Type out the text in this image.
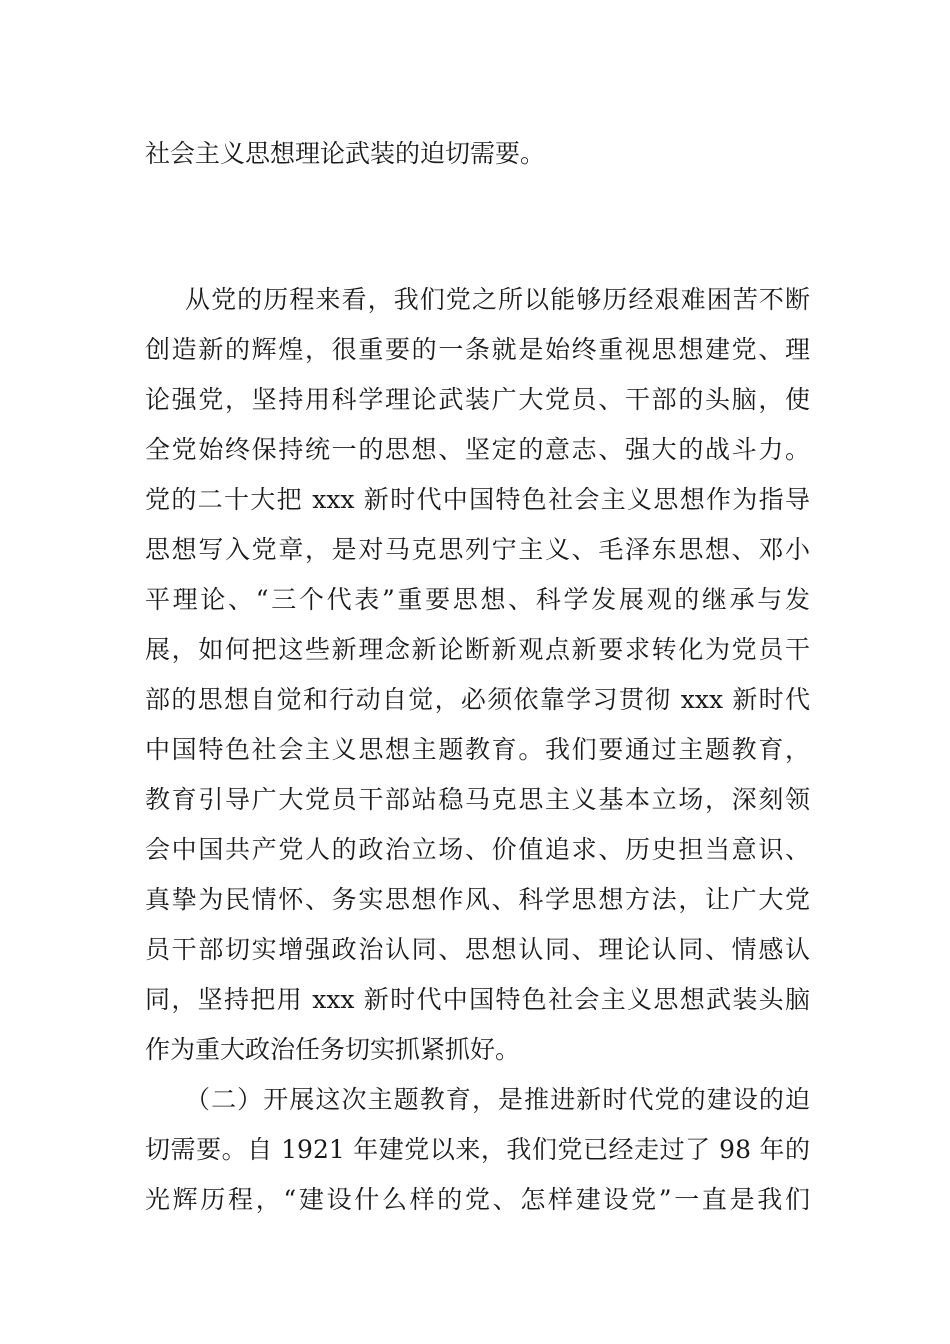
社会主义思想理论武装的迫切需要。
从党的历程来看，我们党之所以能够历经艰难困苦不断
创造新的辉煌，很重要的一条就是始终重视思想建党、理
论强党，坚持用科学理论武装广大党员、干部的头脑，使
全党始终保持统一的思想、坚定的意志、强大的战斗力。
党的二十大把 xxx 新时代中国特色社会主义思想作为指导
思想写入党章，是对马克思列宁主义、毛泽东思想、邓小
平理论、“三个代表”重要思想、科学发展观的继承与发
展，如何把这些新理念新论断新观点新要求转化为党员干
部的思想自觉和行动自觉，必须依靠学习贯彻 xxx 新时代
中国特色社会主义思想主题教育。我们要通过主题教育，
教育引导广大党员干部站稳马克思主义基本立场，深刻领
会中国共产党人的政治立场、价值追求、历史担当意识、
真挚为民情怀、务实思想作风、科学思想方法，让广大党
员干部切实增强政治认同、思想认同、理论认同、情感认
同，坚持把用 xxx 新时代中国特色社会主义思想武装头脑
作为重大政治任务切实抓紧抓好。
（二）开展这次主题教育，是推进新时代党的建设的迫
切需要。自 1921 年建党以来，我们党已经走过了 98 年的
光辉历程，“建设什么样的党、怎样建设党”一直是我们
